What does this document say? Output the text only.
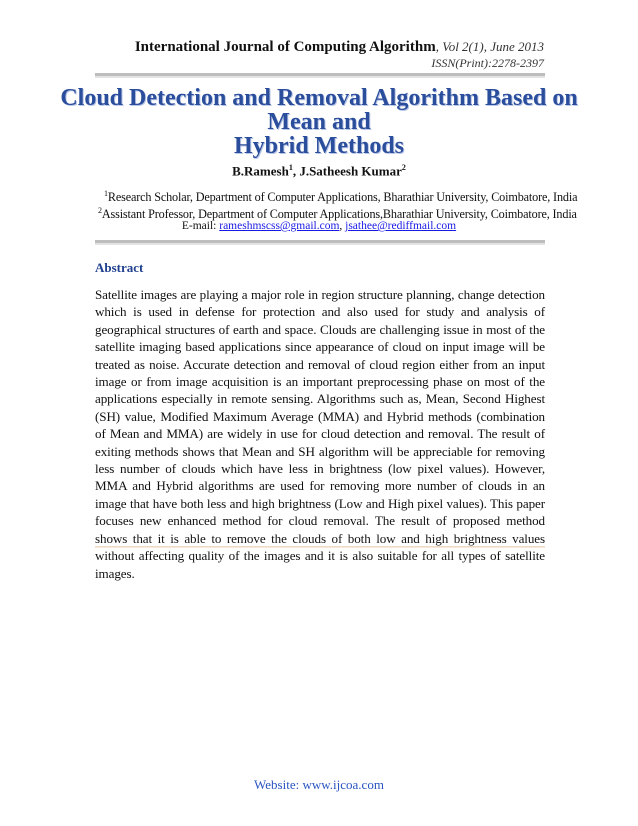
International Journal of Computing Algorithm, Vol 2(1), June 2013
ISSN(Print):2278-2397
Cloud Detection and Removal Algorithm Based on
Mean and
Hybrid Methods
B.Ramesh$^1$, J.Satheesh Kumar$^2$
$^1$Research Scholar, Department of Computer Applications, Bharathiar University, Coimbatore, India
$^2$Assistant Professor, Department of Computer Applications,Bharathiar University, Coimbatore, India
E-mail: rameshmscss@gmail.com, jsathee@rediffmail.com
Abstract
Satellite images are playing a major role in region structure planning, change detection which is used in defense for protection and also used for study and analysis of geographical structures of earth and space. Clouds are challenging issue in most of the satellite imaging based applications since appearance of cloud on input image will be treated as noise. Accurate detection and removal of cloud region either from an input image or from image acquisition is an important preprocessing phase on most of the applications especially in remote sensing. Algorithms such as, Mean, Second Highest (SH) value, Modified Maximum Average (MMA) and Hybrid methods (combination of Mean and MMA) are widely in use for cloud detection and removal. The result of exiting methods shows that Mean and SH algorithm will be appreciable for removing less number of clouds which have less in brightness (low pixel values). However, MMA and Hybrid algorithms are used for removing more number of clouds in an image that have both less and high brightness (Low and High pixel values). This paper focuses new enhanced method for cloud removal. The result of proposed method shows that it is able to remove the clouds of both low and high brightness values without affecting quality of the images and it is also suitable for all types of satellite images.
Website: www.ijcoa.com
